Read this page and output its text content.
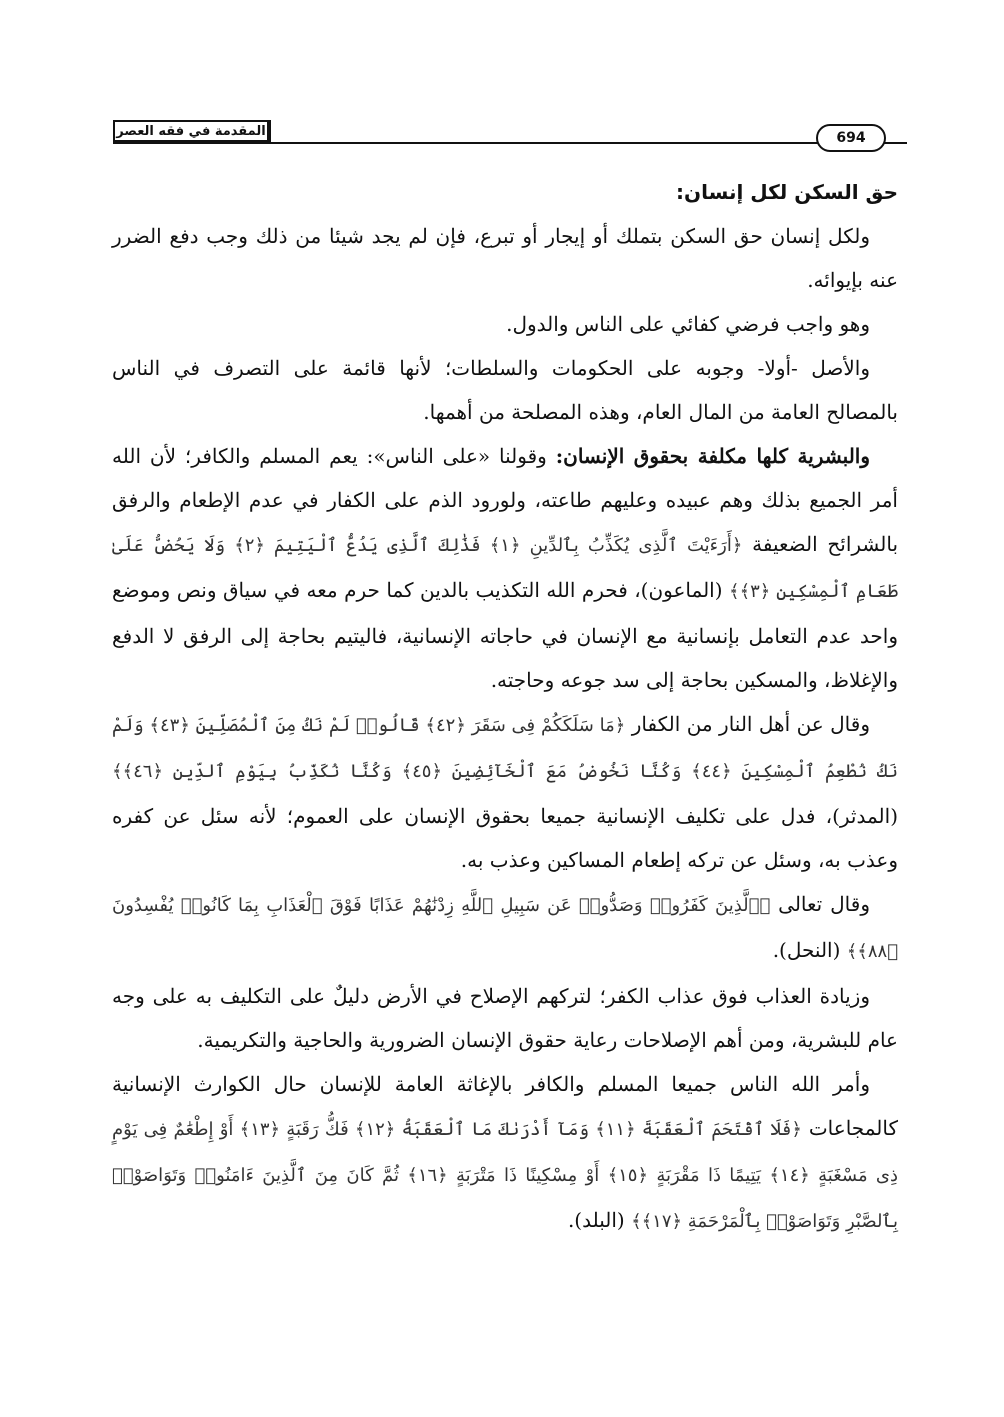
المقدمة في فقه العصر	694

حق السكن لكل إنسان:

ولكل إنسان حق السكن بتملك أو إيجار أو تبرع، فإن لم يجد شيئا من ذلك وجب دفع الضرر عنه بإيوائه.

وهو واجب فرضي كفائي على الناس والدول.

والأصل -أولا- وجوبه على الحكومات والسلطات؛ لأنها قائمة على التصرف في الناس بالمصالح العامة من المال العام، وهذه المصلحة من أهمها.

والبشرية كلها مكلفة بحقوق الإنسان: وقولنا «على الناس»: يعم المسلم والكافر؛ لأن الله أمر الجميع بذلك وهم عبيده وعليهم طاعته، ولورود الذم على الكفار في عدم الإطعام والرفق بالشرائح الضعيفة ﴿أَرَءَيْتَ ٱلَّذِى يُكَذِّبُ بِٱلدِّينِ ﴿١﴾ فَذَٰلِكَ ٱلَّذِى يَدُعُّ ٱلْيَتِيمَ ﴿٢﴾ وَلَا يَحُضُّ عَلَىٰ طَعَامِ ٱلْمِسْكِينِ ﴿٣﴾﴾ (الماعون)، فحرم الله التكذيب بالدين كما حرم معه في سياق ونص وموضع واحد عدم التعامل بإنسانية مع الإنسان في حاجاته الإنسانية، فاليتيم بحاجة إلى الرفق لا الدفع والإغلاظ، والمسكين بحاجة إلى سد جوعه وحاجته.

وقال عن أهل النار من الكفار ﴿مَا سَلَكَكُمْ فِى سَقَرَ ﴿٤٢﴾ قَالُوا۟ لَمْ نَكُ مِنَ ٱلْمُصَلِّينَ ﴿٤٣﴾ وَلَمْ نَكُ نُطْعِمُ ٱلْمِسْكِينَ ﴿٤٤﴾ وَكُنَّا نَخُوضُ مَعَ ٱلْخَآئِضِينَ ﴿٤٥﴾ وَكُنَّا نُكَذِّبُ بِيَوْمِ ٱلدِّينِ ﴿٤٦﴾﴾ (المدثر)، فدل على تكليف الإنسانية جميعا بحقوق الإنسان على العموم؛ لأنه سئل عن كفره وعذب به، وسئل عن تركه إطعام المساكين وعذب به.

وقال تعالى ﴿ٱلَّذِينَ كَفَرُوا۟ وَصَدُّوا۟ عَن سَبِيلِ ٱللَّهِ زِدْنَٰهُمْ عَذَابًا فَوْقَ ٱلْعَذَابِ بِمَا كَانُوا۟ يُفْسِدُونَ ﴿٨٨﴾﴾ (النحل).

وزيادة العذاب فوق عذاب الكفر؛ لتركهم الإصلاح في الأرض دليلٌ على التكليف به على وجه عام للبشرية، ومن أهم الإصلاحات رعاية حقوق الإنسان الضرورية والحاجية والتكريمية.

وأمر الله الناس جميعا المسلم والكافر بالإغاثة العامة للإنسان حال الكوارث الإنسانية كالمجاعات ﴿فَلَا ٱقْتَحَمَ ٱلْعَقَبَةَ ﴿١١﴾ وَمَآ أَدْرَىٰكَ مَا ٱلْعَقَبَةُ ﴿١٢﴾ فَكُّ رَقَبَةٍ ﴿١٣﴾ أَوْ إِطْعَٰمٌ فِى يَوْمٍ ذِى مَسْغَبَةٍ ﴿١٤﴾ يَتِيمًا ذَا مَقْرَبَةٍ ﴿١٥﴾ أَوْ مِسْكِينًا ذَا مَتْرَبَةٍ ﴿١٦﴾ ثُمَّ كَانَ مِنَ ٱلَّذِينَ ءَامَنُوا۟ وَتَوَاصَوْا۟ بِٱلصَّبْرِ وَتَوَاصَوْا۟ بِٱلْمَرْحَمَةِ ﴿١٧﴾﴾ (البلد).
